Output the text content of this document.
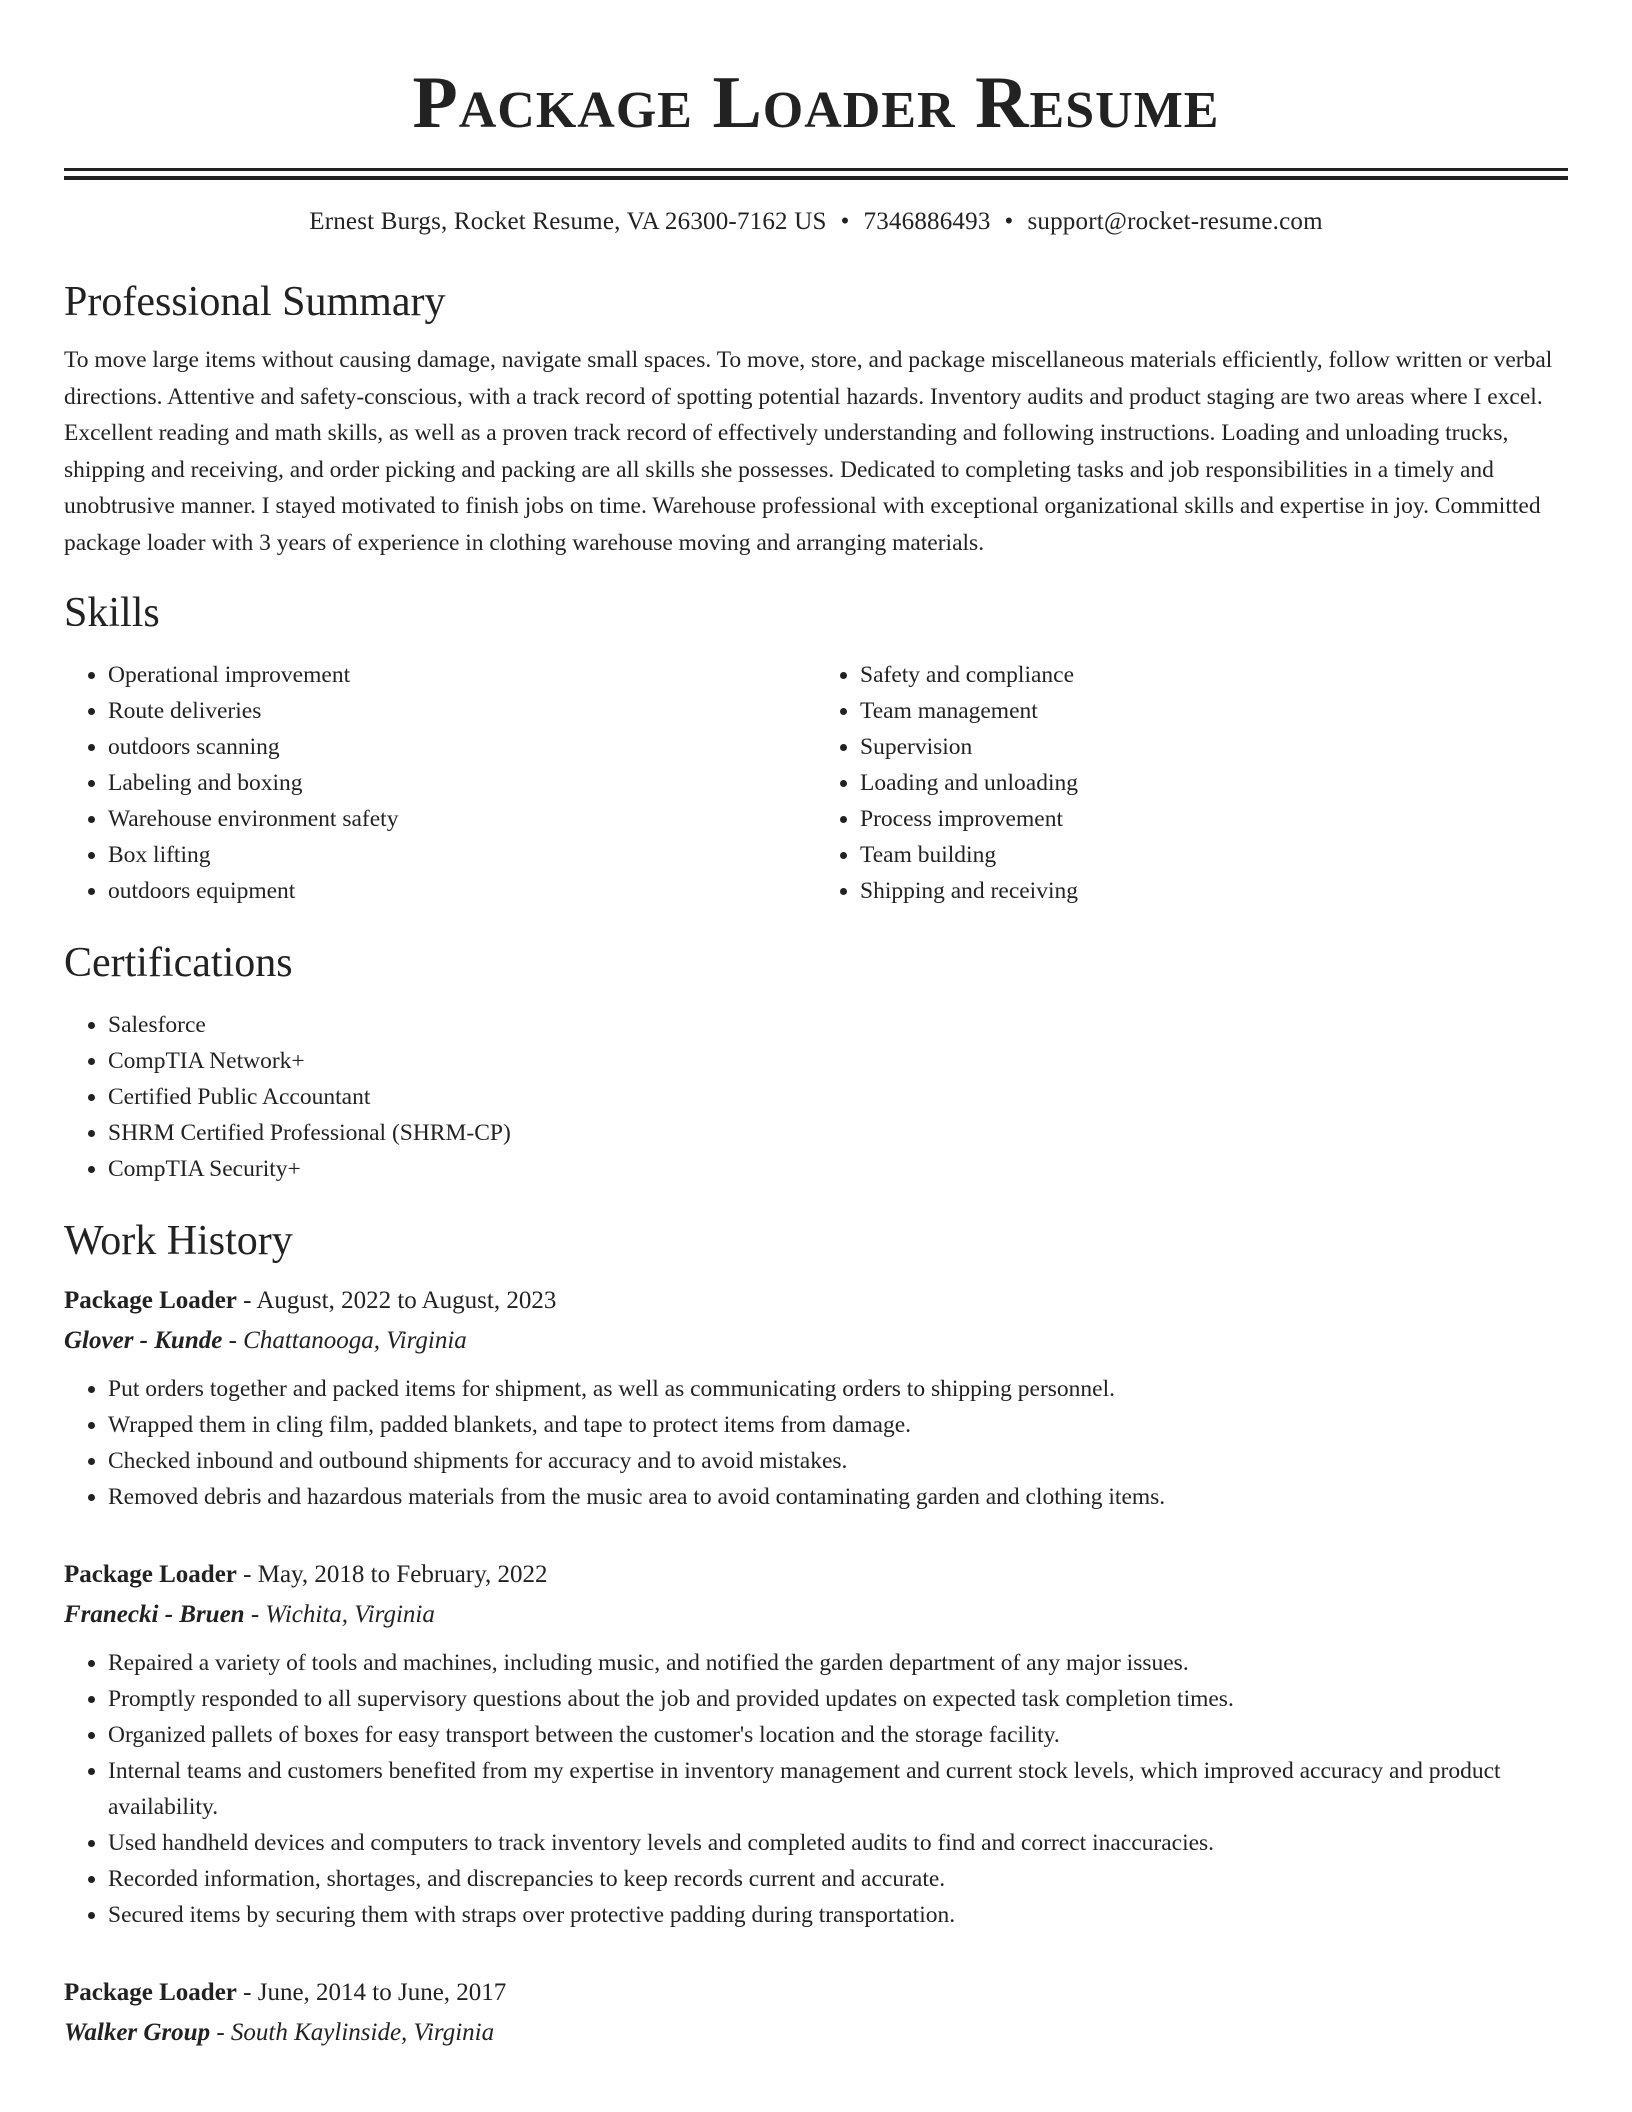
Package Loader Resume
Ernest Burgs, Rocket Resume, VA 26300-7162 US • 7346886493 • support@rocket-resume.com
Professional Summary
To move large items without causing damage, navigate small spaces. To move, store, and package miscellaneous materials efficiently, follow written or verbal directions. Attentive and safety-conscious, with a track record of spotting potential hazards. Inventory audits and product staging are two areas where I excel. Excellent reading and math skills, as well as a proven track record of effectively understanding and following instructions. Loading and unloading trucks, shipping and receiving, and order picking and packing are all skills she possesses. Dedicated to completing tasks and job responsibilities in a timely and unobtrusive manner. I stayed motivated to finish jobs on time. Warehouse professional with exceptional organizational skills and expertise in joy. Committed package loader with 3 years of experience in clothing warehouse moving and arranging materials.
Skills
• Operational improvement
• Route deliveries
• outdoors scanning
• Labeling and boxing
• Warehouse environment safety
• Box lifting
• outdoors equipment
• Safety and compliance
• Team management
• Supervision
• Loading and unloading
• Process improvement
• Team building
• Shipping and receiving
Certifications
• Salesforce
• CompTIA Network+
• Certified Public Accountant
• SHRM Certified Professional (SHRM-CP)
• CompTIA Security+
Work History
Package Loader - August, 2022 to August, 2023
Glover - Kunde - Chattanooga, Virginia
• Put orders together and packed items for shipment, as well as communicating orders to shipping personnel.
• Wrapped them in cling film, padded blankets, and tape to protect items from damage.
• Checked inbound and outbound shipments for accuracy and to avoid mistakes.
• Removed debris and hazardous materials from the music area to avoid contaminating garden and clothing items.
Package Loader - May, 2018 to February, 2022
Franecki - Bruen - Wichita, Virginia
• Repaired a variety of tools and machines, including music, and notified the garden department of any major issues.
• Promptly responded to all supervisory questions about the job and provided updates on expected task completion times.
• Organized pallets of boxes for easy transport between the customer's location and the storage facility.
• Internal teams and customers benefited from my expertise in inventory management and current stock levels, which improved accuracy and product availability.
• Used handheld devices and computers to track inventory levels and completed audits to find and correct inaccuracies.
• Recorded information, shortages, and discrepancies to keep records current and accurate.
• Secured items by securing them with straps over protective padding during transportation.
Package Loader - June, 2014 to June, 2017
Walker Group - South Kaylinside, Virginia
